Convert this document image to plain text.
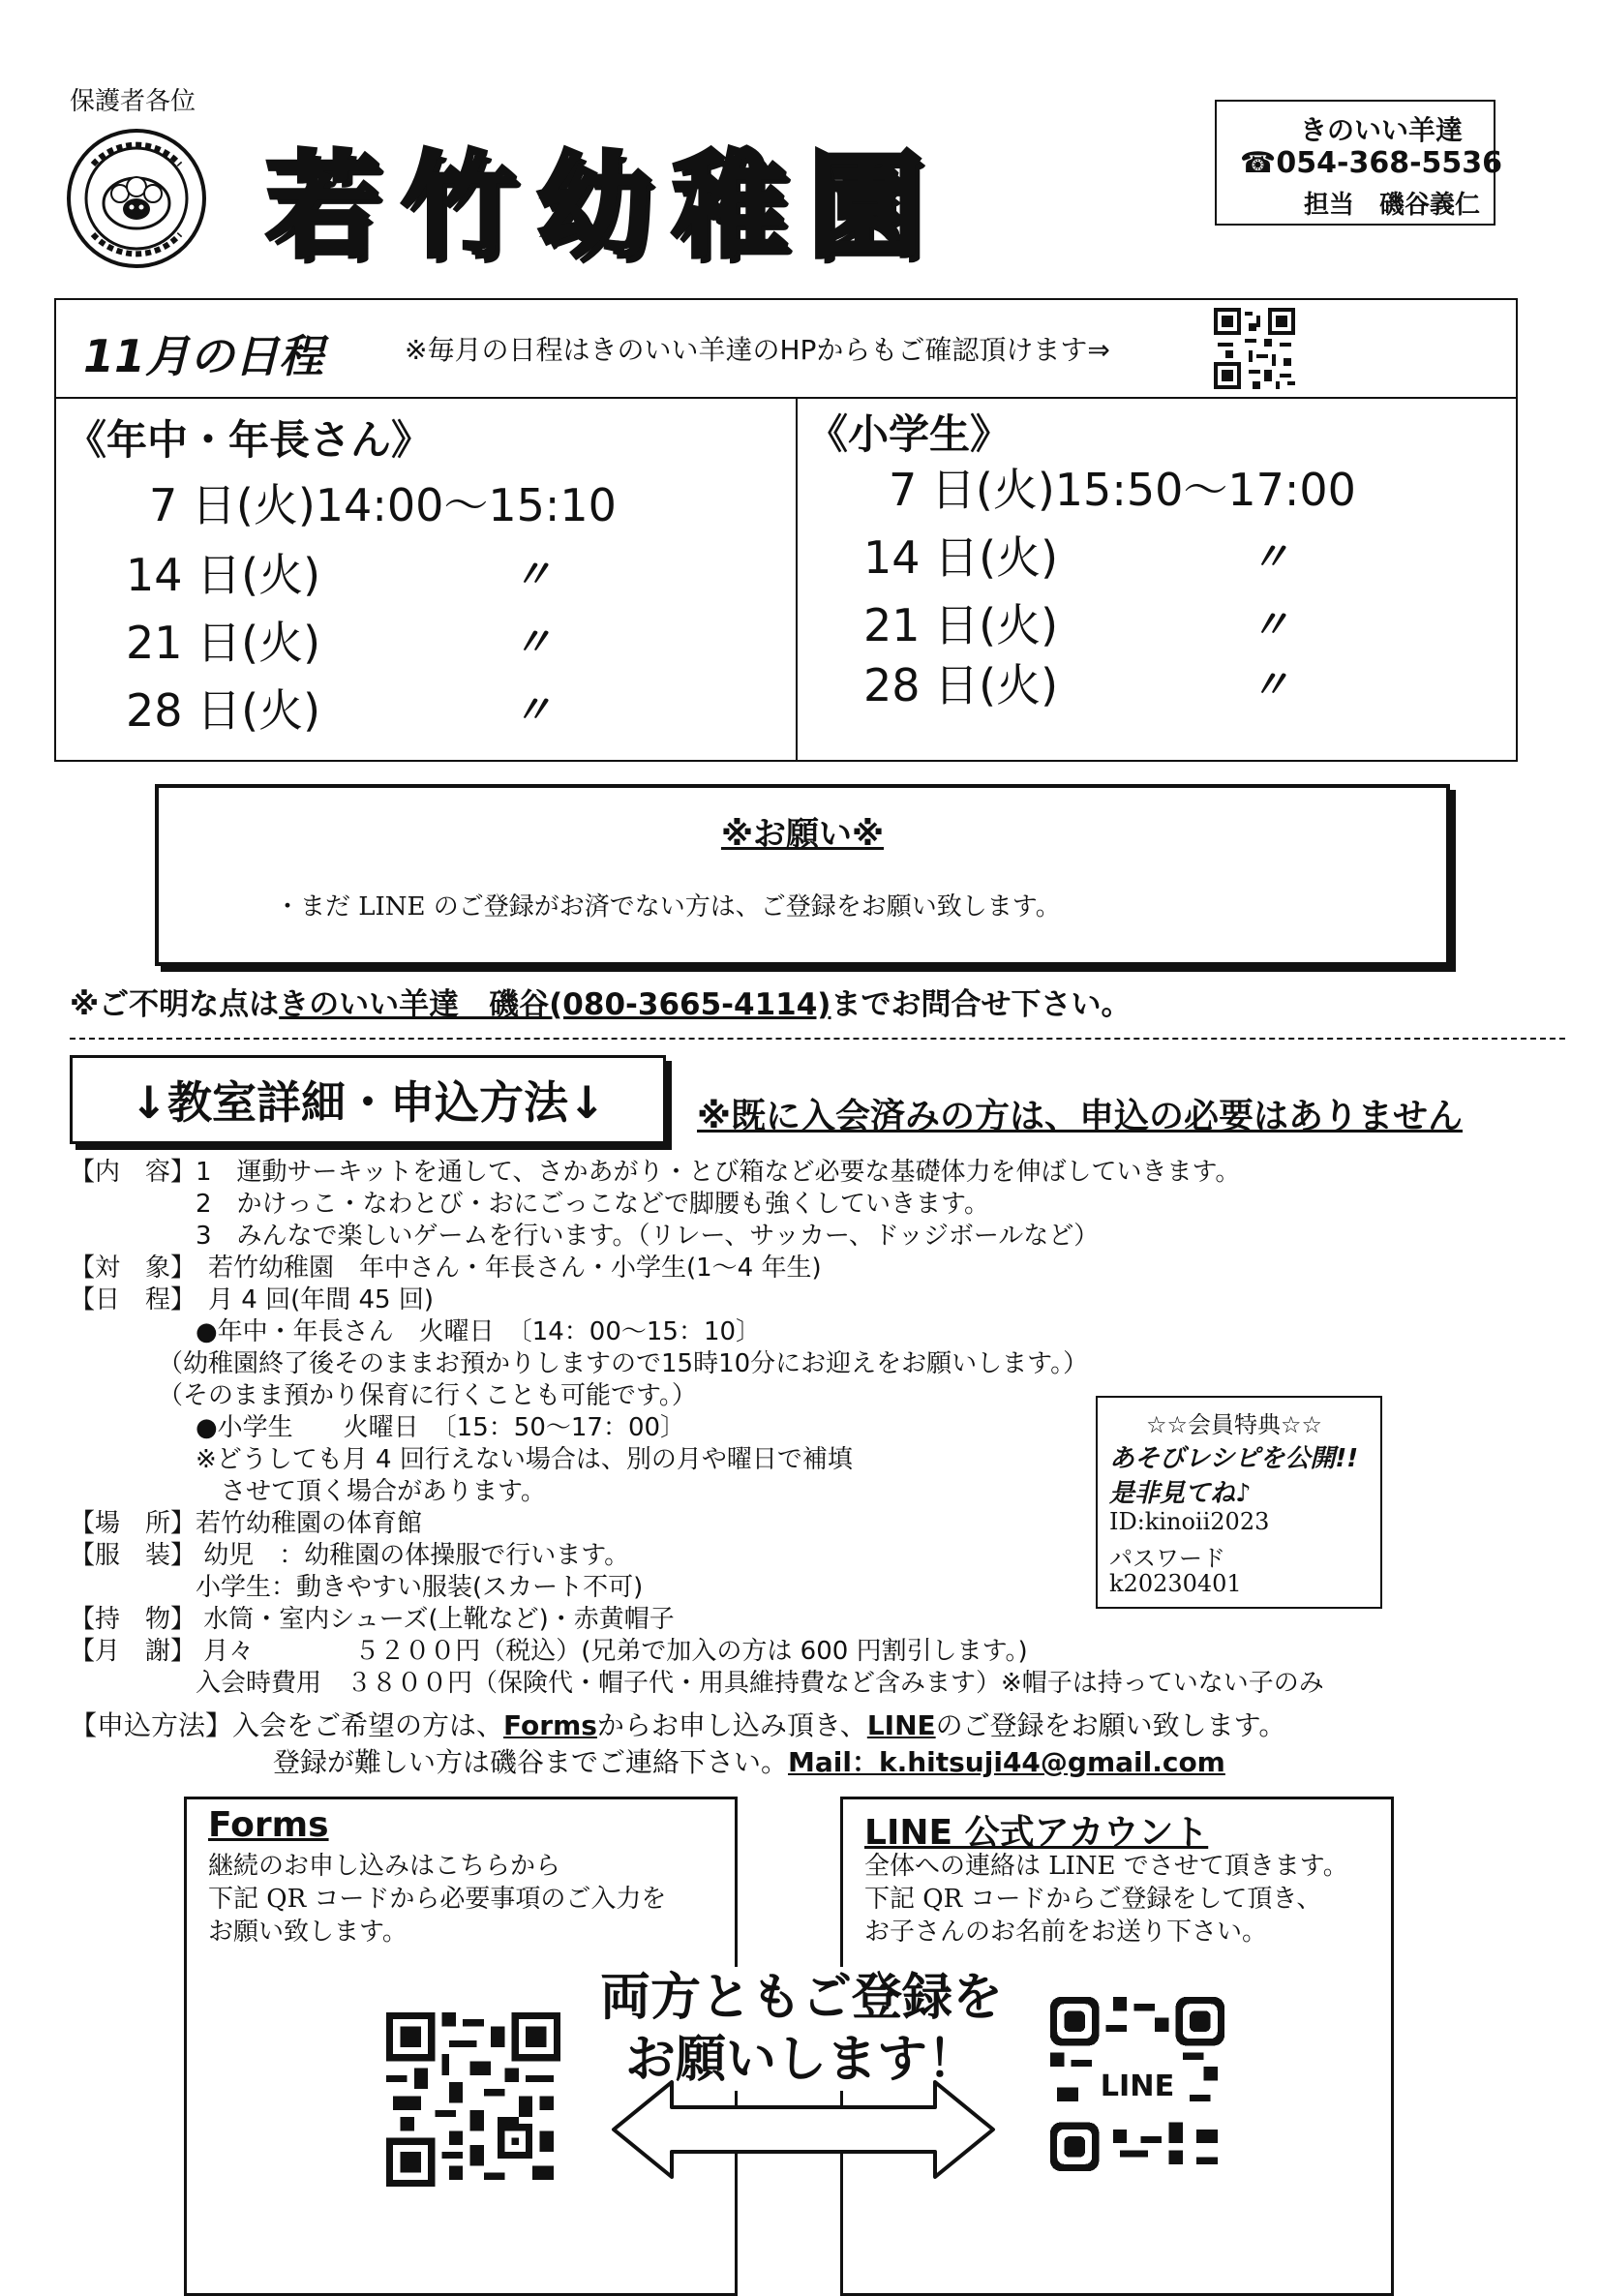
保護者各位
若竹幼稚園
きのいい羊達
☎054-368-5536
担当　磯谷義仁
11月の日程	※毎月の日程はきのいい羊達のHPからもご確認頂けます⇒
《年中・年長さん》
7 日(火)14:00～15:10
14 日(火)	〃
21 日(火)	〃
28 日(火)	〃
《小学生》
7 日(火)15:50～17:00
14 日(火)	〃
21 日(火)	〃
28 日(火)	〃
※お願い※
・まだ LINE のご登録がお済でない方は、ご登録をお願い致します。
※ご不明な点はきのいい羊達　磯谷(080-3665-4114)までお問合せ下さい。
↓教室詳細・申込方法↓	※既に入会済みの方は、申込の必要はありません
【内　容】1　運動サーキットを通して、さかあがり・とび箱など必要な基礎体力を伸ばしていきます。
　　　　　2　かけっこ・なわとび・おにごっこなどで脚腰も強くしていきます。
　　　　　3　みんなで楽しいゲームを行います。（リレー、サッカー、ドッジボールなど）
【対　象】　若竹幼稚園　年中さん・年長さん・小学生(1～4 年生)
【日　程】　月 4 回(年間 45 回)
　　　　　●年中・年長さん　火曜日　〔14：00～15：10〕
　　　　（幼稚園終了後そのままお預かりしますので15時10分にお迎えをお願いします。）
　　　　（そのまま預かり保育に行くことも可能です。）
　　　　　●小学生　　火曜日　〔15：50～17：00〕
　　　　　※どうしても月 4 回行えない場合は、別の月や曜日で補填
　　　　　　させて頂く場合があります。
【場　所】若竹幼稚園の体育館
【服　装】 幼児　：幼稚園の体操服で行います。
　　　　　小学生：動きやすい服装(スカート不可)
【持　物】 水筒・室内シューズ(上靴など)・赤黄帽子
【月　謝】 月々　　　　５２００円（税込）(兄弟で加入の方は 600 円割引します。)
　　　　　入会時費用　３８００円（保険代・帽子代・用具維持費など含みます）※帽子は持っていない子のみ
☆☆会員特典☆☆
あそびレシピを公開!!
是非見てね♪
ID:kinoii2023
パスワード
k20230401
【申込方法】入会をご希望の方は、Formsからお申し込み頂き、LINEのご登録をお願い致します。
登録が難しい方は磯谷までご連絡下さい。Mail：k.hitsuji44@gmail.com
Forms
継続のお申し込みはこちらから
下記 QR コードから必要事項のご入力を
お願い致します。
LINE 公式アカウント
全体への連絡は LINE でさせて頂きます。
下記 QR コードからご登録をして頂き、
お子さんのお名前をお送り下さい。
LINE
両方ともご登録を
お願いします！
